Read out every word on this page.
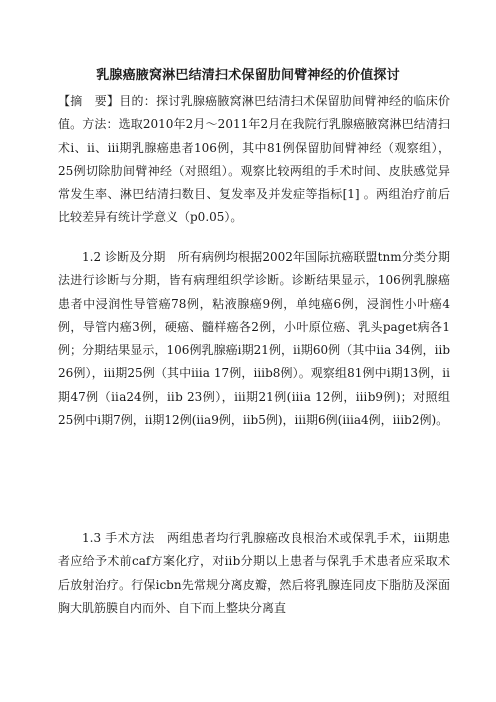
乳腺癌腋窝淋巴结清扫术保留肋间臂神经的价值探讨
【摘　要】目的：探讨乳腺癌腋窝淋巴结清扫术保留肋间臂神经的临床价值。方法：选取2010年2月～2011年2月在我院行乳腺癌腋窝淋巴结清扫术ⅰ、ⅱ、ⅲ期乳腺癌患者106例，其中81例保留肋间臂神经（观察组），25例切除肋间臂神经（对照组）。观察比较两组的手术时间、皮肤感觉异常发生率、淋巴结清扫数目、复发率及并发症等指标[1] 。两组治疗前后比较差异有统计学意义（p0.05）。
1.2 诊断及分期  所有病例均根据2002年国际抗癌联盟tnm分类分期法进行诊断与分期，皆有病理组织学诊断。诊断结果显示，106例乳腺癌患者中浸润性导管癌78例，粘液腺癌9例，单纯癌6例，浸润性小叶癌4例，导管内癌3例，硬癌、髓样癌各2例，小叶原位癌、乳头paget病各1例；分期结果显示，106例乳腺癌ⅰ期21例，ⅱ期60例（其中ⅱa 34例，ⅱb 26例），ⅲ期25例（其中ⅲa 17例，ⅲb8例）。观察组81例中ⅰ期13例，ⅱ期47例（ⅱa24例，ⅱb 23例），ⅲ期21例(ⅲa 12例，ⅲb9例)；对照组25例中ⅰ期7例，ⅱ期12例(ⅱa9例，ⅱb5例)，ⅲ期6例(ⅲa4例，ⅲb2例)。
1.3 手术方法  两组患者均行乳腺癌改良根治术或保乳手术，ⅲ期患者应给予术前caf方案化疗，对ⅱb分期以上患者与保乳手术患者应采取术后放射治疗。行保icbn先常规分离皮瓣，然后将乳腺连同皮下脂肪及深面胸大肌筋膜自内而外、自下而上整块分离直
